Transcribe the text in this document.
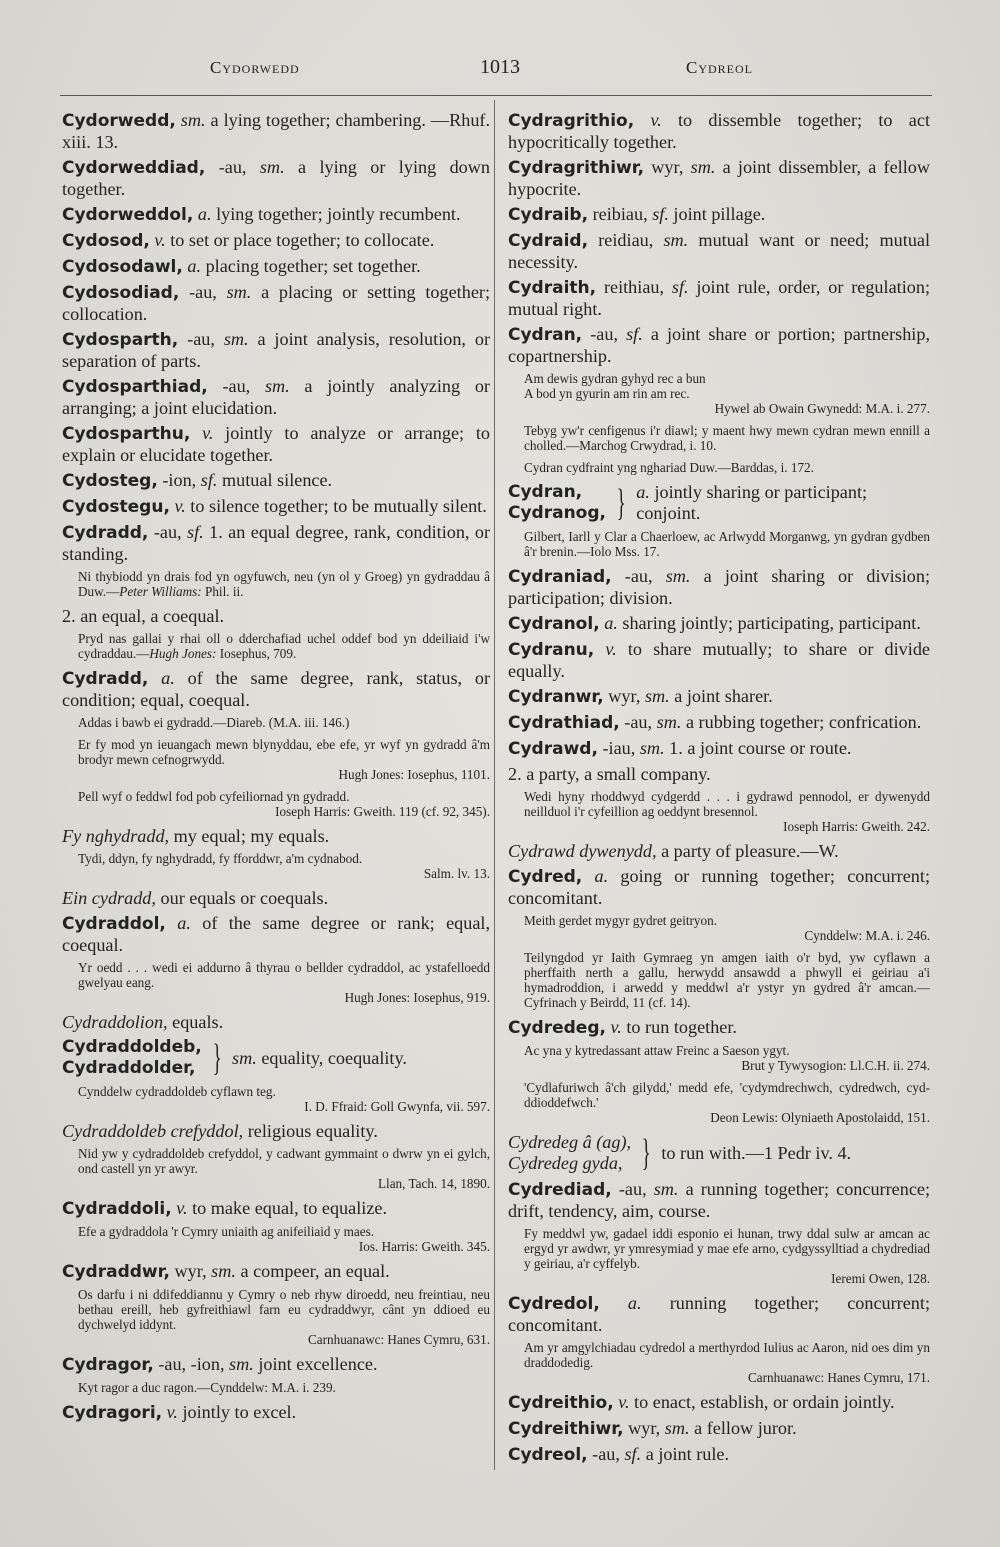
Cydorwedd	1013	Cydreol
Cydorwedd, sm. a lying together; chambering. —Rhuf. xiii. 13.
Cydorweddiad, -au, sm. a lying or lying down together.
Cydorweddol, a. lying together; jointly recumbent.
Cydosod, v. to set or place together; to collocate.
Cydosodawl, a. placing together; set together.
Cydosodiad, -au, sm. a placing or setting together; collocation.
Cydosparth, -au, sm. a joint analysis, resolution, or separation of parts.
Cydosparthiad, -au, sm. a jointly analyzing or arranging; a joint elucidation.
Cydosparthu, v. jointly to analyze or arrange; to explain or elucidate together.
Cydosteg, -ion, sf. mutual silence.
Cydostegu, v. to silence together; to be mutually silent.
Cydradd, -au, sf. 1. an equal degree, rank, condition, or standing.
Ni thybiodd yn drais fod yn ogyfuwch, neu (yn ol y Groeg) yn gydraddau â Duw.—Peter Williams: Phil. ii.
2. an equal, a coequal.
Pryd nas gallai y rhai oll o dderchafiad uchel oddef bod yn ddeiliaid i'w cydraddau.—Hugh Jones: Iosephus, 709.
Cydradd, a. of the same degree, rank, status, or condition; equal, coequal.
Addas i bawb ei gydradd.—Diareb. (M.A. iii. 146.)
Er fy mod yn ieuangach mewn blynyddau, ebe efe, yr wyf yn gydradd â'm brodyr mewn cefnogrwydd.
Hugh Jones: Iosephus, 1101.
Pell wyf o feddwl fod pob cyfeiliornad yn gydradd.
Ioseph Harris: Gweith. 119 (cf. 92, 345).
Fy nghydradd, my equal; my equals.
Tydi, ddyn, fy nghydradd, fy fforddwr, a'm cydnabod.
Salm. lv. 13.
Ein cydradd, our equals or coequals.
Cydraddol, a. of the same degree or rank; equal, coequal.
Yr oedd . . . wedi ei addurno â thyrau o bellder cydraddol, ac ystafelloedd gwelyau eang.
Hugh Jones: Iosephus, 919.
Cydraddolion, equals.
Cydraddoldeb,
Cydraddolder, } sm. equality, coequality.
Cynddelw cydraddoldeb cyflawn teg.
I. D. Ffraid: Goll Gwynfa, vii. 597.
Cydraddoldeb crefyddol, religious equality.
Nid yw y cydraddoldeb crefyddol, y cadwant gymmaint o dwrw yn ei gylch, ond castell yn yr awyr.
Llan, Tach. 14, 1890.
Cydraddoli, v. to make equal, to equalize.
Efe a gydraddola 'r Cymry uniaith ag anifeiliaid y maes.
Ios. Harris: Gweith. 345.
Cydraddwr, wyr, sm. a compeer, an equal.
Os darfu i ni ddifeddiannu y Cymry o neb rhyw diroedd, neu freintiau, neu bethau ereill, heb gyfreithiawl farn eu cydraddwyr, cânt yn ddioed eu dychwelyd iddynt.
Carnhuanawc: Hanes Cymru, 631.
Cydragor, -au, -ion, sm. joint excellence.
Kyt ragor a duc ragon.—Cynddelw: M.A. i. 239.
Cydragori, v. jointly to excel.
Cydragrithio, v. to dissemble together; to act hypocritically together.
Cydragrithiwr, wyr, sm. a joint dissembler, a fellow hypocrite.
Cydraib, reibiau, sf. joint pillage.
Cydraid, reidiau, sm. mutual want or need; mutual necessity.
Cydraith, reithiau, sf. joint rule, order, or regulation; mutual right.
Cydran, -au, sf. a joint share or portion; partnership, copartnership.
Am dewis gydran gyhyd rec a bun
A bod yn gyurin am rin am rec.
Hywel ab Owain Gwynedd: M.A. i. 277.
Tebyg yw'r cenfigenus i'r diawl; y maent hwy mewn cydran mewn ennill a cholled.—Marchog Crwydrad, i. 10.
Cydran cydfraint yng ngharіad Duw.—Barddas, i. 172.
Cydran,
Cydranog, } a. jointly sharing or participant; conjoint.
Gilbert, Iarll y Clar a Chaerloew, ac Arlwydd Morganwg, yn gydran gydben â'r brenin.—Iolo Mss. 17.
Cydraniad, -au, sm. a joint sharing or division; participation; division.
Cydranol, a. sharing jointly; participating, participant.
Cydranu, v. to share mutually; to share or divide equally.
Cydranwr, wyr, sm. a joint sharer.
Cydrathiad, -au, sm. a rubbing together; confrication.
Cydrawd, -iau, sm. 1. a joint course or route.
2. a party, a small company.
Wedi hyny rhoddwyd cydgerdd . . . i gydrawd pennodol, er dywenydd neillduol i'r cyfeillion ag oeddynt bresennol.
Ioseph Harris: Gweith. 242.
Cydrawd dywenydd, a party of pleasure.—W.
Cydred, a. going or running together; concurrent; concomitant.
Meith gerdet mygyr gydret geitryon.
Cynddelw: M.A. i. 246.
Teilyngdod yr Iaith Gymraeg yn amgen iaith o'r byd, yw cyflawn a pherffaith nerth a gallu, herwydd ansawdd a phwyll ei geiriau a'i hymadroddion, i arwedd y meddwl a'r ystyr yn gydred â'r amcan.—Cyfrinach y Beirdd, 11 (cf. 14).
Cydredeg, v. to run together.
Ac yna y kytredassant attaw Freinc a Saeson ygyt.
Brut y Tywysogion: Ll.C.H. ii. 274.
'Cydlafuriwch â'ch gilydd,' medd efe, 'cydymdrechwch, cydredwch, cyd-ddioddefwch.'
Deon Lewis: Olyniaeth Apostolaidd, 151.
Cydredeg â (ag),
Cydredeg gyda, } to run with.—1 Pedr iv. 4.
Cydrediad, -au, sm. a running together; concurrence; drift, tendency, aim, course.
Fy meddwl yw, gadael iddi esponio ei hunan, trwy ddal sulw ar amcan ac ergyd yr awdwr, yr ymresymiad y mae efe arno, cydgyssylltiad a chydrediad y geiriau, a'r cyffelyb.
Ieremi Owen, 128.
Cydredol, a. running together; concurrent; concomitant.
Am yr amgylchiadau cydredol a merthyrdod Iulius ac Aaron, nid oes dim yn draddodedig.
Carnhuanawc: Hanes Cymru, 171.
Cydreithio, v. to enact, establish, or ordain jointly.
Cydreithiwr, wyr, sm. a fellow juror.
Cydreol, -au, sf. a joint rule.
